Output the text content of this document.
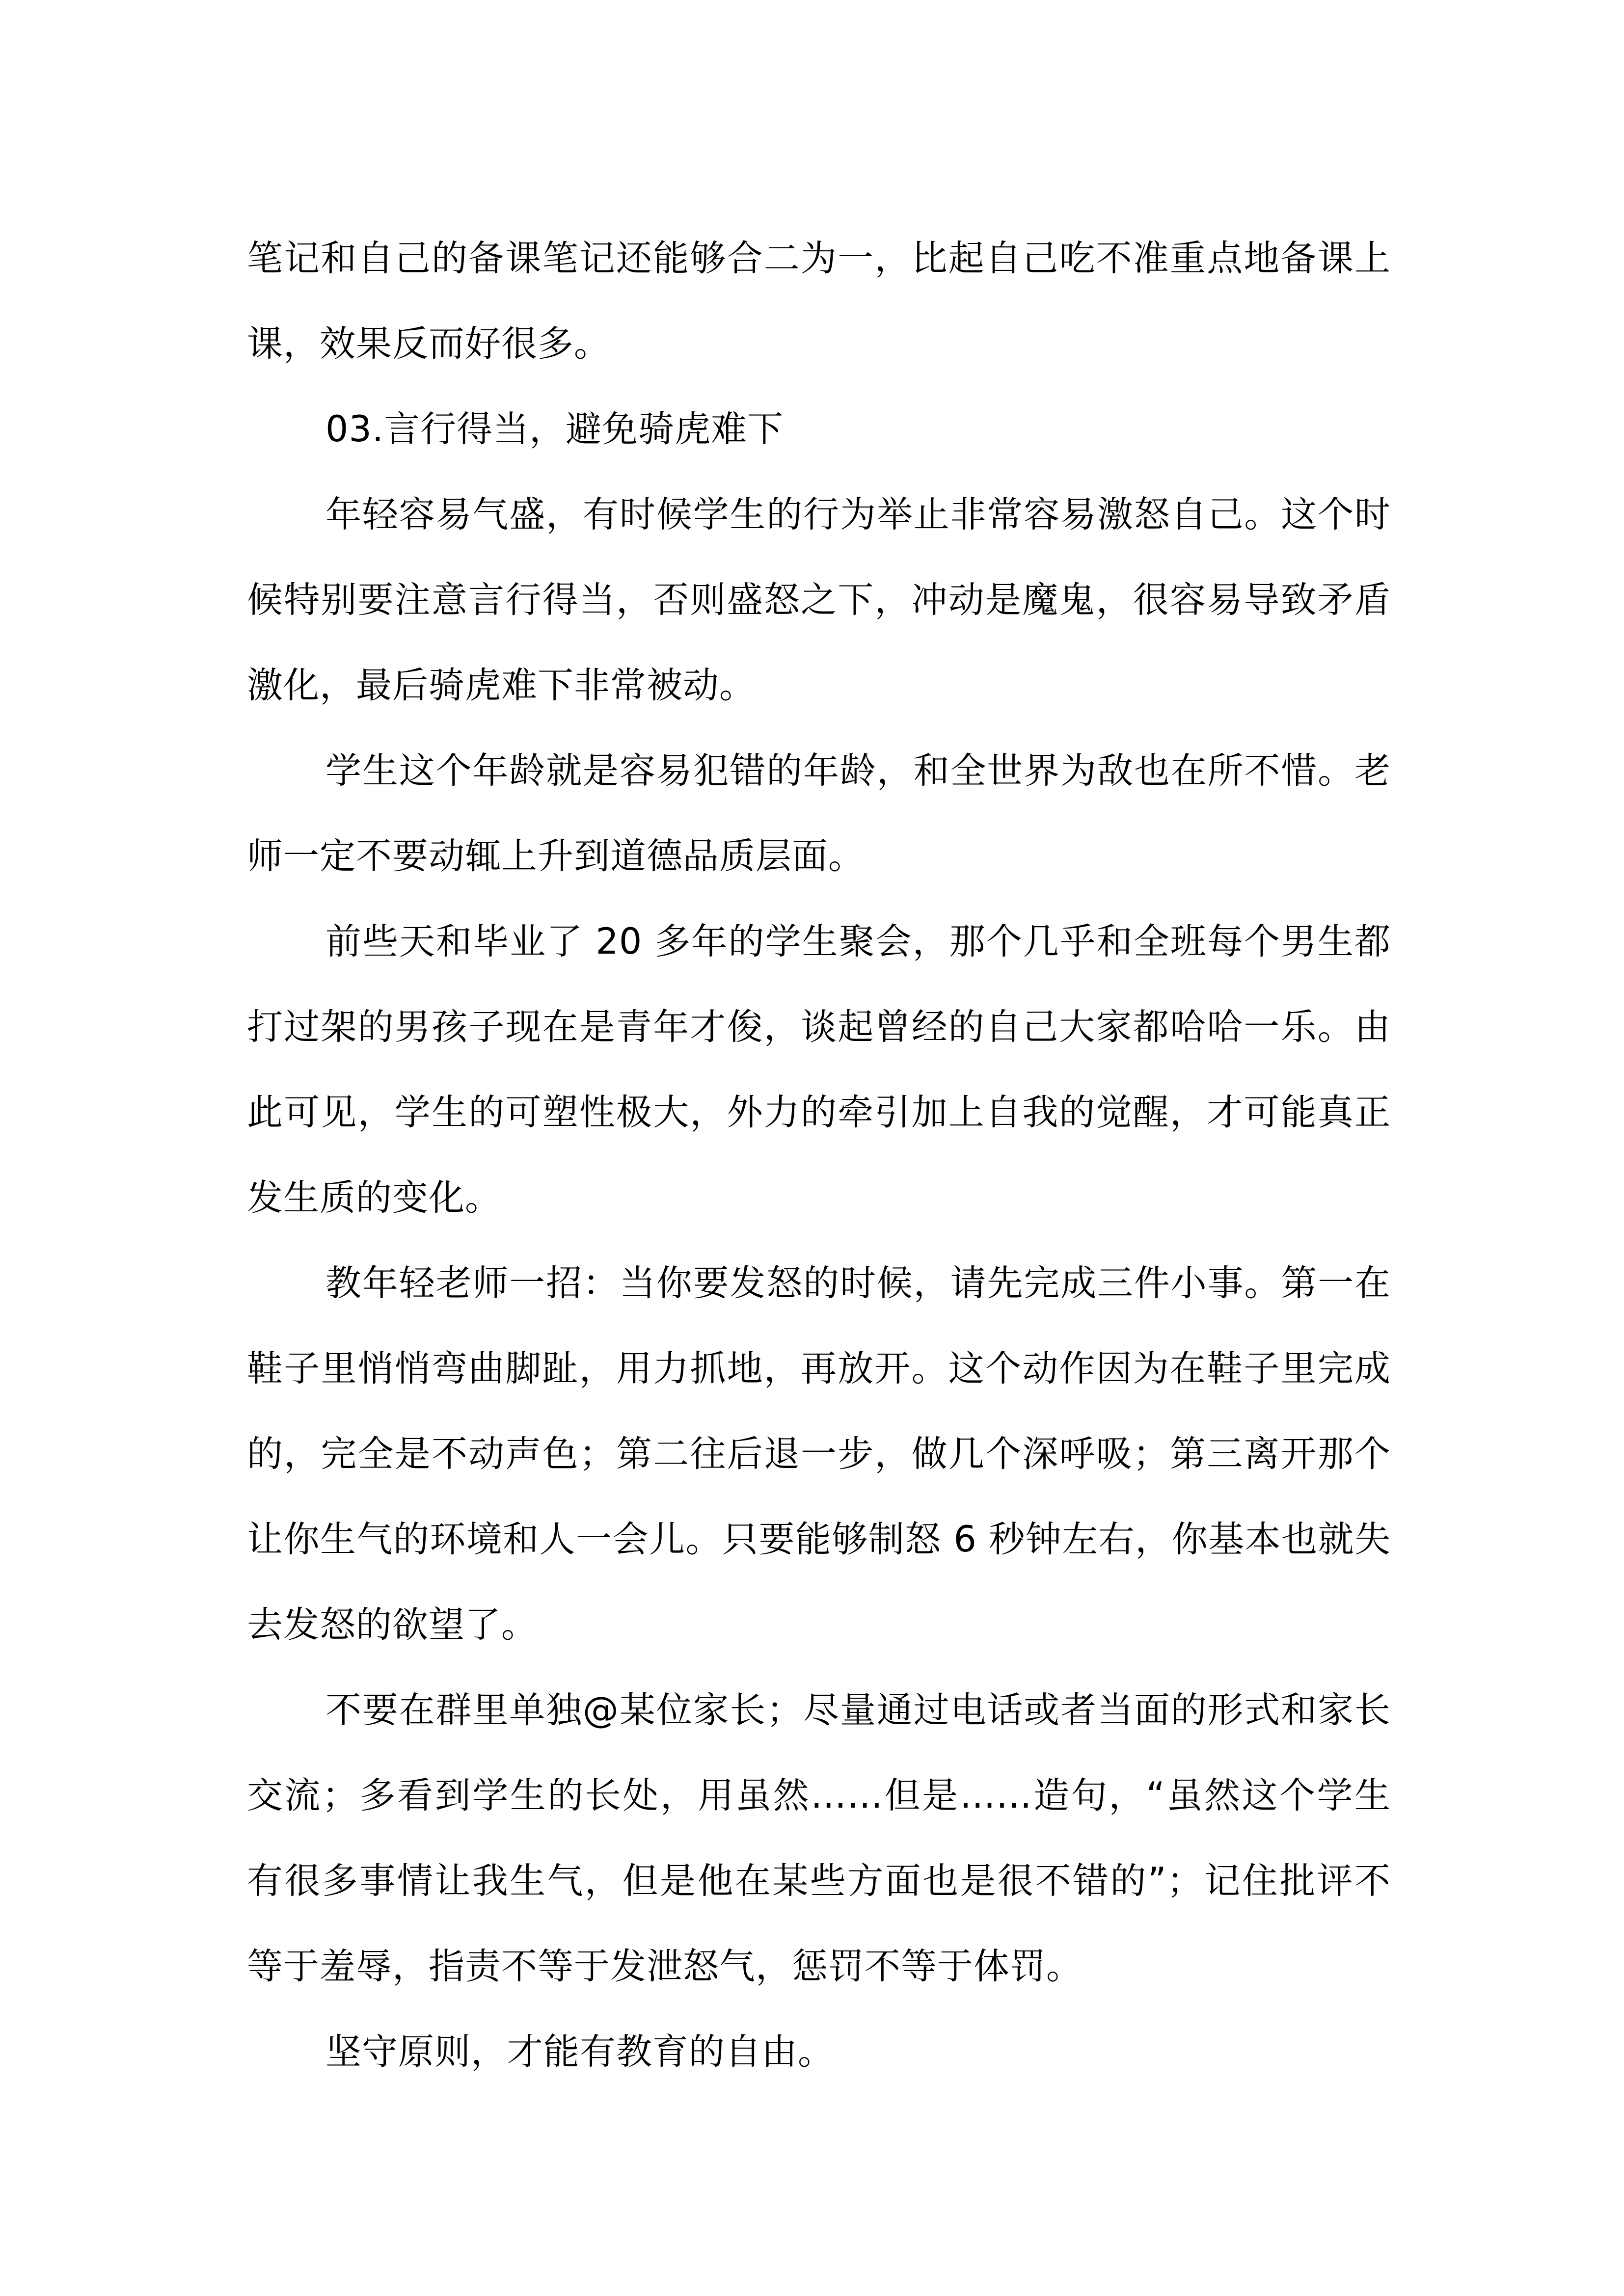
笔记和自己的备课笔记还能够合二为一，比起自己吃不准重点地备课上课，效果反而好很多。

03.言行得当，避免骑虎难下

年轻容易气盛，有时候学生的行为举止非常容易激怒自己。这个时候特别要注意言行得当，否则盛怒之下，冲动是魔鬼，很容易导致矛盾激化，最后骑虎难下非常被动。

学生这个年龄就是容易犯错的年龄，和全世界为敌也在所不惜。老师一定不要动辄上升到道德品质层面。

前些天和毕业了 20 多年的学生聚会，那个几乎和全班每个男生都打过架的男孩子现在是青年才俊，谈起曾经的自己大家都哈哈一乐。由此可见，学生的可塑性极大，外力的牵引加上自我的觉醒，才可能真正发生质的变化。

教年轻老师一招：当你要发怒的时候，请先完成三件小事。第一在鞋子里悄悄弯曲脚趾，用力抓地，再放开。这个动作因为在鞋子里完成的，完全是不动声色；第二往后退一步，做几个深呼吸；第三离开那个让你生气的环境和人一会儿。只要能够制怒 6 秒钟左右，你基本也就失去发怒的欲望了。

不要在群里单独@某位家长；尽量通过电话或者当面的形式和家长交流；多看到学生的长处，用虽然……但是……造句，“虽然这个学生有很多事情让我生气，但是他在某些方面也是很不错的”；记住批评不等于羞辱，指责不等于发泄怒气，惩罚不等于体罚。

坚守原则，才能有教育的自由。
